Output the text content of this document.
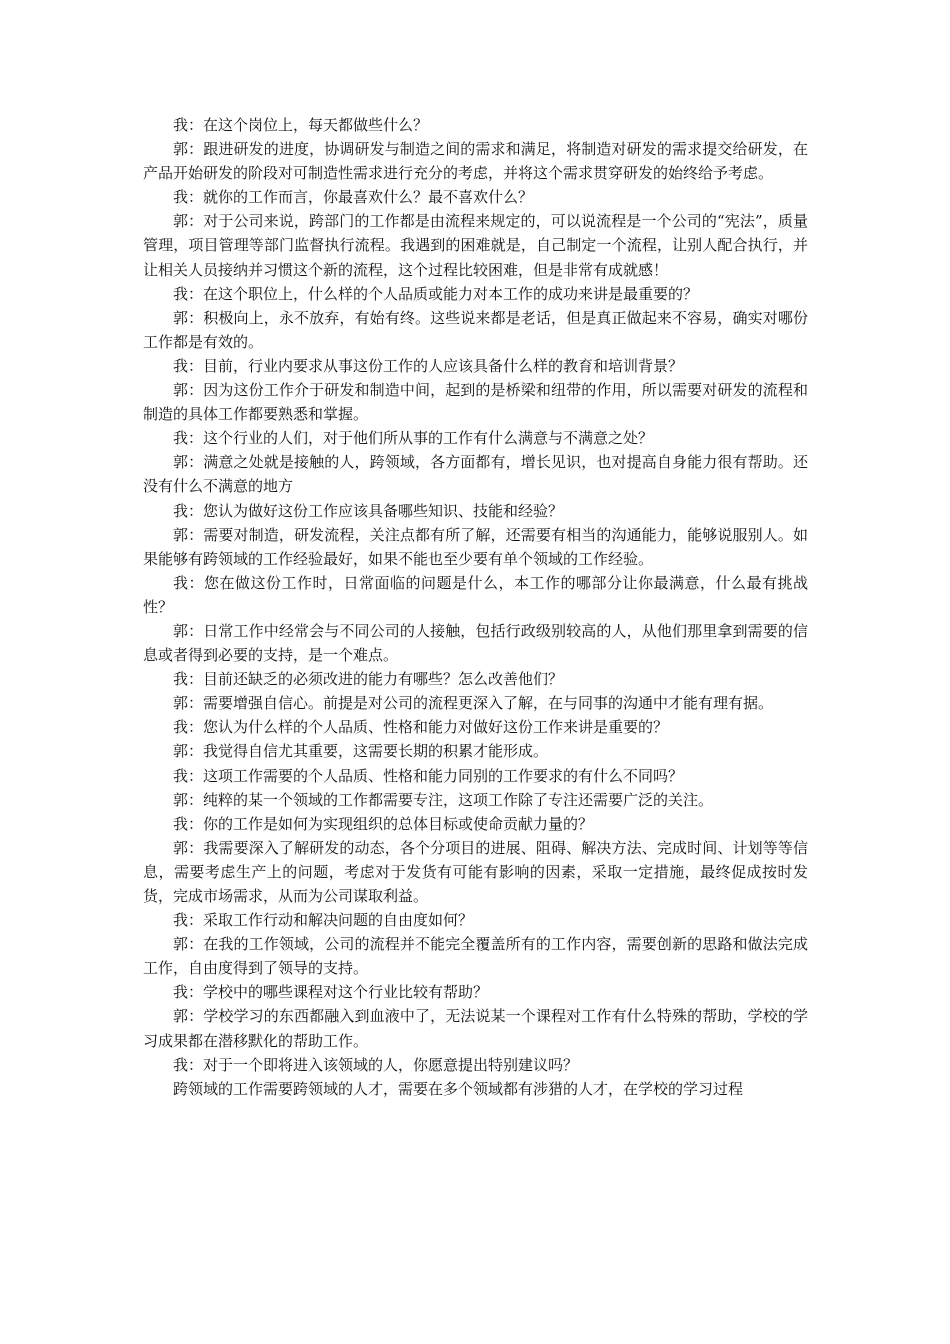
我：在这个岗位上，每天都做些什么？

郭：跟进研发的进度，协调研发与制造之间的需求和满足，将制造对研发的需求提交给研发，在产品开始研发的阶段对可制造性需求进行充分的考虑，并将这个需求贯穿研发的始终给予考虑。

我：就你的工作而言，你最喜欢什么？最不喜欢什么？

郭：对于公司来说，跨部门的工作都是由流程来规定的，可以说流程是一个公司的“宪法”，质量管理，项目管理等部门监督执行流程。我遇到的困难就是，自己制定一个流程，让别人配合执行，并让相关人员接纳并习惯这个新的流程，这个过程比较困难，但是非常有成就感！

我：在这个职位上，什么样的个人品质或能力对本工作的成功来讲是最重要的？

郭：积极向上，永不放弃，有始有终。这些说来都是老话，但是真正做起来不容易，确实对哪份工作都是有效的。

我：目前，行业内要求从事这份工作的人应该具备什么样的教育和培训背景？

郭：因为这份工作介于研发和制造中间，起到的是桥梁和纽带的作用，所以需要对研发的流程和制造的具体工作都要熟悉和掌握。

我：这个行业的人们，对于他们所从事的工作有什么满意与不满意之处？

郭：满意之处就是接触的人，跨领域，各方面都有，增长见识，也对提高自身能力很有帮助。还没有什么不满意的地方

我：您认为做好这份工作应该具备哪些知识、技能和经验？

郭：需要对制造，研发流程，关注点都有所了解，还需要有相当的沟通能力，能够说服别人。如果能够有跨领域的工作经验最好，如果不能也至少要有单个领域的工作经验。

我：您在做这份工作时，日常面临的问题是什么，本工作的哪部分让你最满意，什么最有挑战性？

郭：日常工作中经常会与不同公司的人接触，包括行政级别较高的人，从他们那里拿到需要的信息或者得到必要的支持，是一个难点。

我：目前还缺乏的必须改进的能力有哪些？怎么改善他们？

郭：需要增强自信心。前提是对公司的流程更深入了解，在与同事的沟通中才能有理有据。

我：您认为什么样的个人品质、性格和能力对做好这份工作来讲是重要的？

郭：我觉得自信尤其重要，这需要长期的积累才能形成。

我：这项工作需要的个人品质、性格和能力同别的工作要求的有什么不同吗？

郭：纯粹的某一个领域的工作都需要专注，这项工作除了专注还需要广泛的关注。

我：你的工作是如何为实现组织的总体目标或使命贡献力量的？

郭：我需要深入了解研发的动态，各个分项目的进展、阻碍、解决方法、完成时间、计划等等信息，需要考虑生产上的问题，考虑对于发货有可能有影响的因素，采取一定措施，最终促成按时发货，完成市场需求，从而为公司谋取利益。

我：采取工作行动和解决问题的自由度如何？

郭：在我的工作领域，公司的流程并不能完全覆盖所有的工作内容，需要创新的思路和做法完成工作，自由度得到了领导的支持。

我：学校中的哪些课程对这个行业比较有帮助？

郭：学校学习的东西都融入到血液中了，无法说某一个课程对工作有什么特殊的帮助，学校的学习成果都在潜移默化的帮助工作。

我：对于一个即将进入该领域的人，你愿意提出特别建议吗？

跨领域的工作需要跨领域的人才，需要在多个领域都有涉猎的人才，在学校的学习过程
